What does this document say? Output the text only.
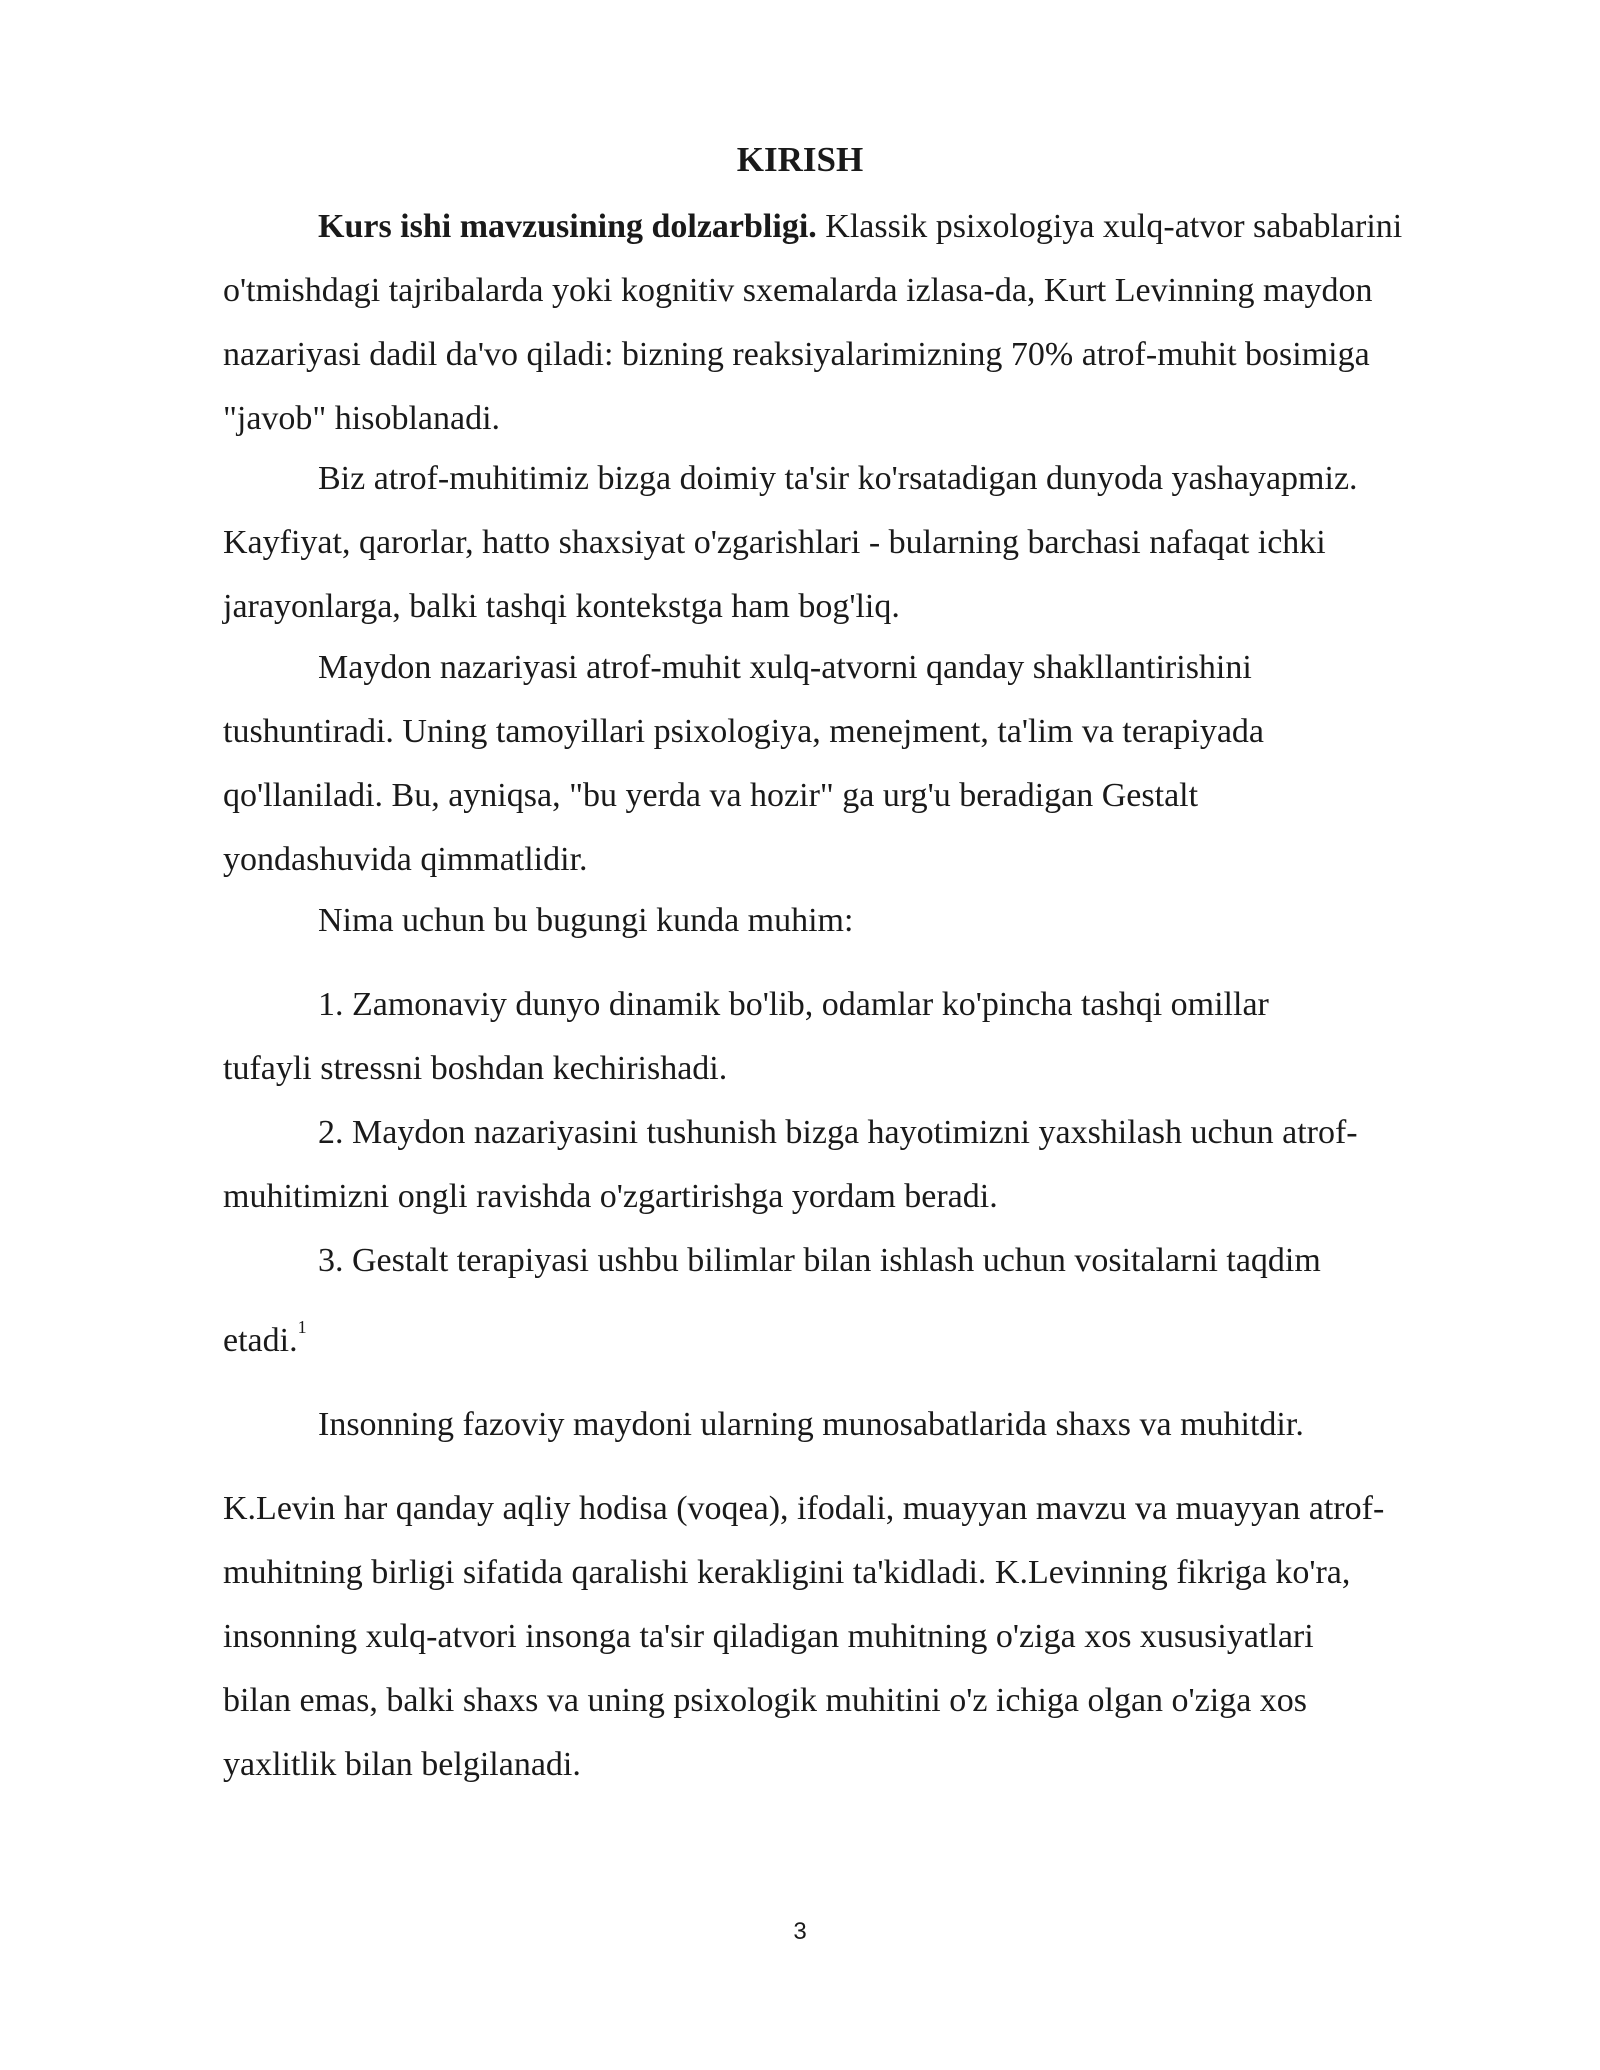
KIRISH
Kurs ishi mavzusining dolzarbligi. Klassik psixologiya xulq-atvor sabablarini
o'tmishdagi tajribalarda yoki kognitiv sxemalarda izlasa-da, Kurt Levinning maydon
nazariyasi dadil da'vo qiladi: bizning reaksiyalarimizning 70% atrof-muhit bosimiga
"javob" hisoblanadi.
Biz atrof-muhitimiz bizga doimiy ta'sir ko'rsatadigan dunyoda yashayapmiz.
Kayfiyat, qarorlar, hatto shaxsiyat o'zgarishlari - bularning barchasi nafaqat ichki
jarayonlarga, balki tashqi kontekstga ham bog'liq.
Maydon nazariyasi atrof-muhit xulq-atvorni qanday shakllantirishini
tushuntiradi. Uning tamoyillari psixologiya, menejment, ta'lim va terapiyada
qo'llaniladi. Bu, ayniqsa, "bu yerda va hozir" ga urg'u beradigan Gestalt
yondashuvida qimmatlidir.
Nima uchun bu bugungi kunda muhim:
1. Zamonaviy dunyo dinamik bo'lib, odamlar ko'pincha tashqi omillar
tufayli stressni boshdan kechirishadi.
2. Maydon nazariyasini tushunish bizga hayotimizni yaxshilash uchun atrof-
muhitimizni ongli ravishda o'zgartirishga yordam beradi.
3. Gestalt terapiyasi ushbu bilimlar bilan ishlash uchun vositalarni taqdim
etadi.$^1$
Insonning fazoviy maydoni ularning munosabatlarida shaxs va muhitdir.
K.Levin har qanday aqliy hodisa (voqea), ifodali, muayyan mavzu va muayyan atrof-
muhitning birligi sifatida qaralishi kerakligini ta'kidladi. K.Levinning fikriga ko'ra,
insonning xulq-atvori insonga ta'sir qiladigan muhitning o'ziga xos xususiyatlari
bilan emas, balki shaxs va uning psixologik muhitini o'z ichiga olgan o'ziga xos
yaxlitlik bilan belgilanadi.
3
